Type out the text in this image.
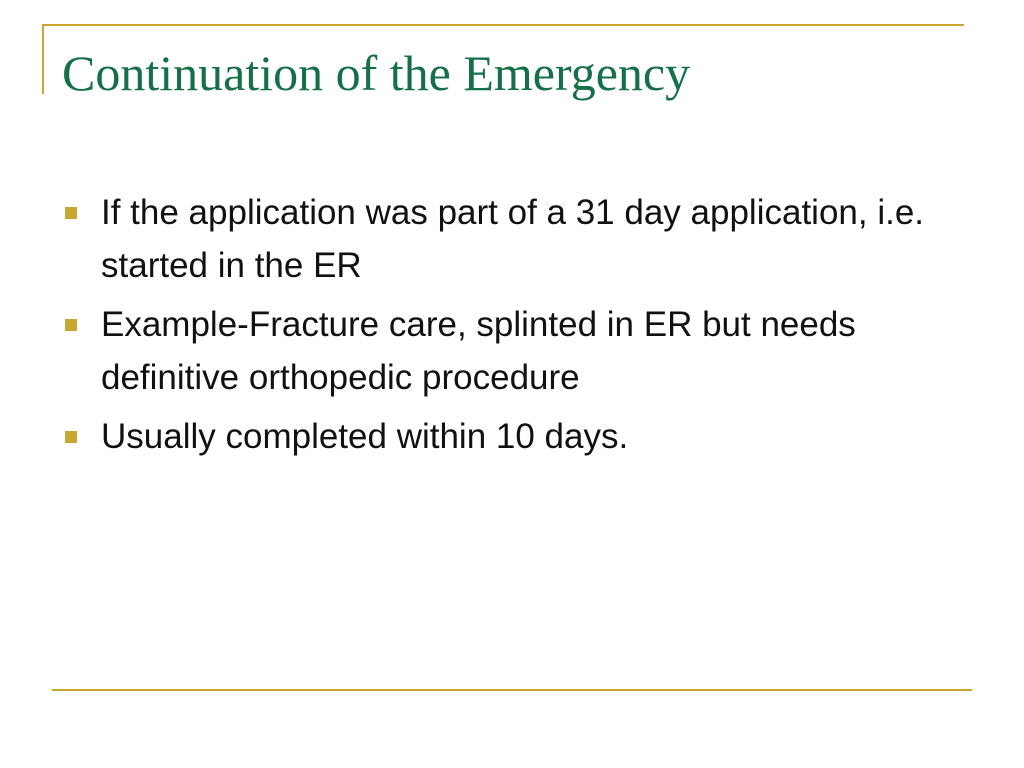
Continuation of the Emergency
If the application was part of a 31 day application, i.e. started in the ER
Example-Fracture care, splinted in ER but needs definitive orthopedic procedure
Usually completed within 10 days.
